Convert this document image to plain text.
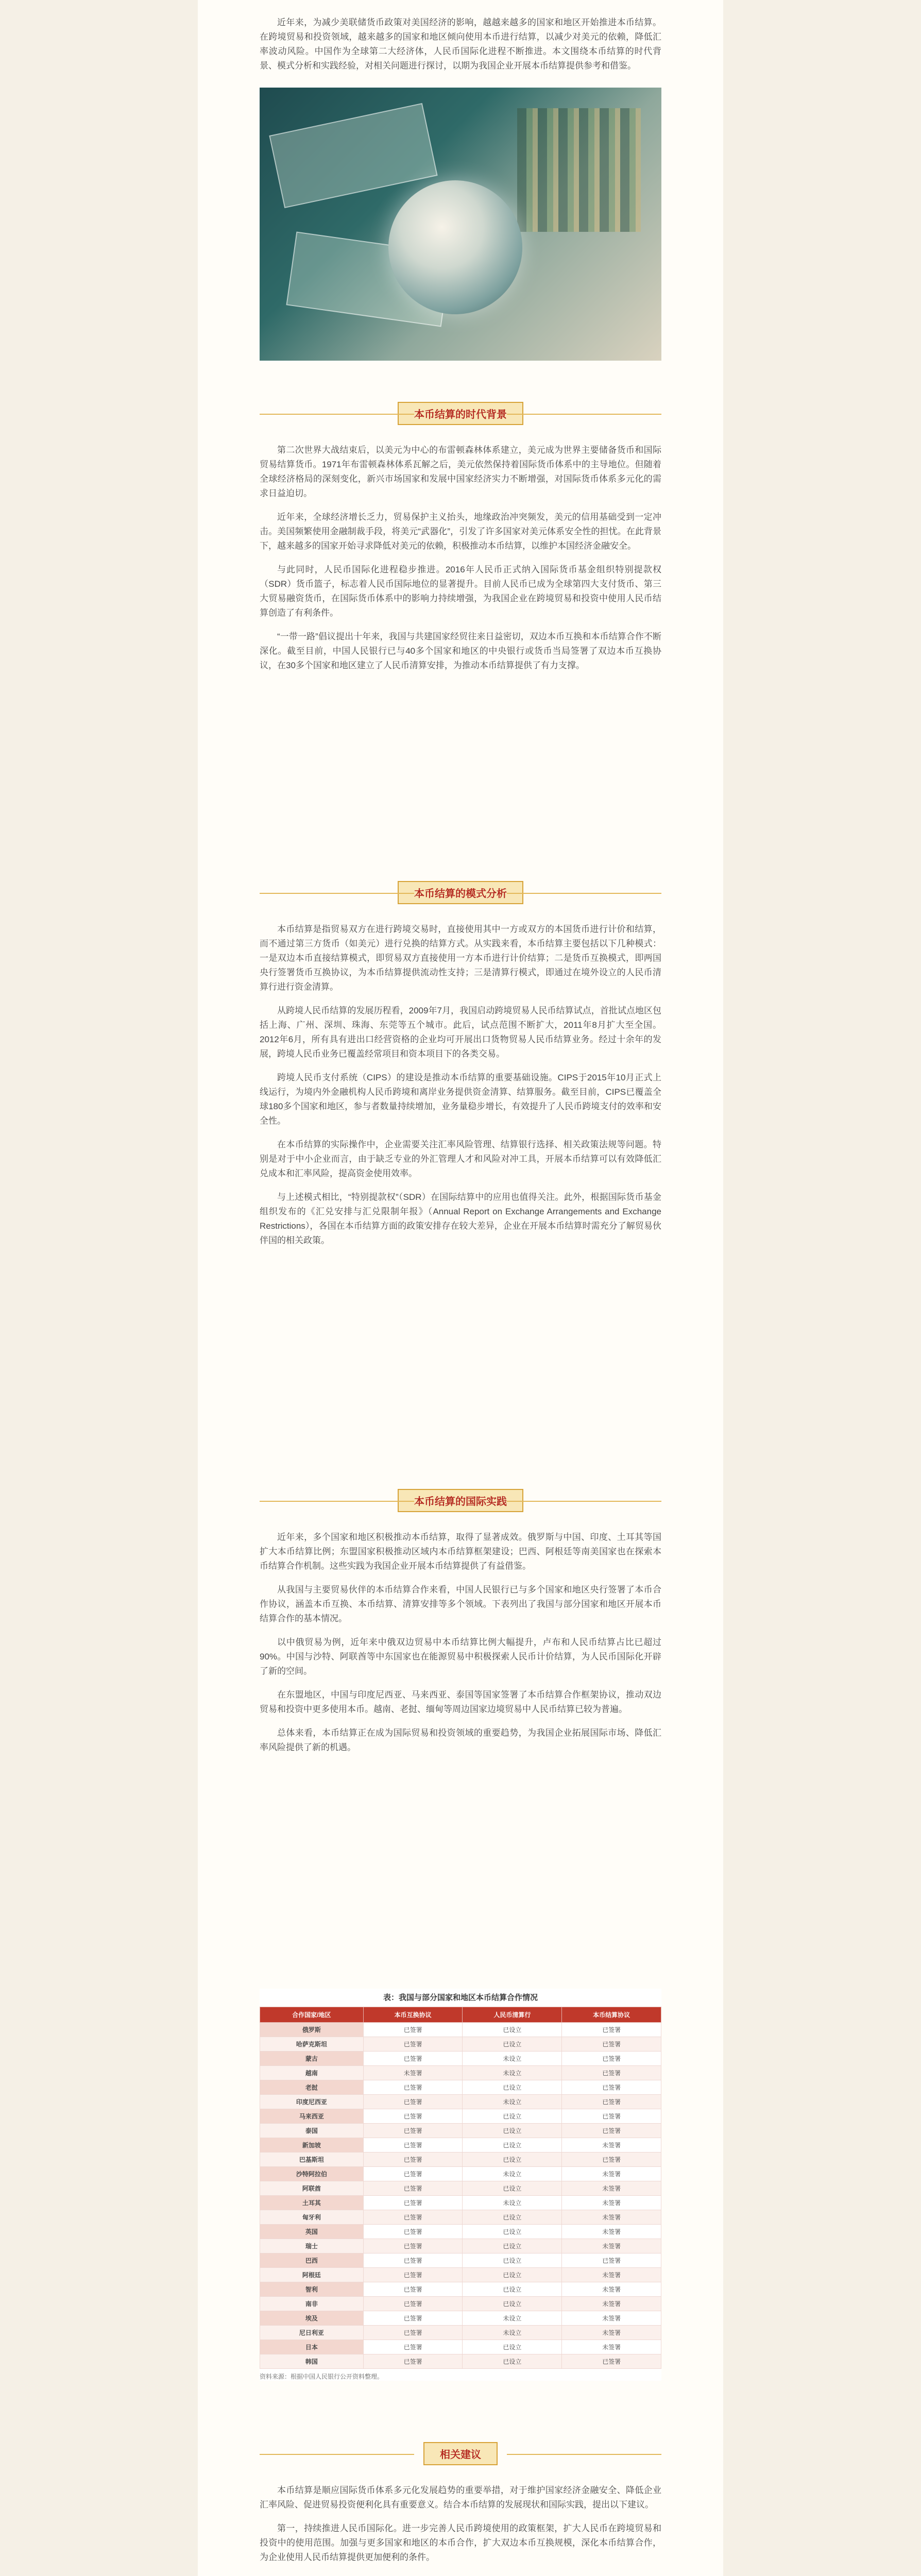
近年来，为减少美联储货币政策对美国经济的影响，越越来越多的国家和地区开始推进本币结算。在跨境贸易和投资领域，越来越多的国家和地区倾向使用本币进行结算，以减少对美元的依赖，降低汇率波动风险。中国作为全球第二大经济体，人民币国际化进程不断推进。本文围绕本币结算的时代背景、模式分析和实践经验，对相关问题进行探讨，以期为我国企业开展本币结算提供参考和借鉴。

本币结算的时代背景

第二次世界大战结束后，以美元为中心的布雷顿森林体系建立，美元成为世界主要储备货币和国际贸易结算货币。1971年布雷顿森林体系瓦解之后，美元依然保持着国际货币体系中的主导地位。但随着全球经济格局的深刻变化，新兴市场国家和发展中国家经济实力不断增强，对国际货币体系多元化的需求日益迫切。

近年来，全球经济增长乏力，贸易保护主义抬头，地缘政治冲突频发，美元的信用基础受到一定冲击。美国频繁使用金融制裁手段，将美元“武器化”，引发了许多国家对美元体系安全性的担忧。在此背景下，越来越多的国家开始寻求降低对美元的依赖，积极推动本币结算，以维护本国经济金融安全。

与此同时，人民币国际化进程稳步推进。2016年人民币正式纳入国际货币基金组织特别提款权（SDR）货币篮子，标志着人民币国际地位的显著提升。目前人民币已成为全球第四大支付货币、第三大贸易融资货币，在国际货币体系中的影响力持续增强，为我国企业在跨境贸易和投资中使用人民币结算创造了有利条件。

“一带一路”倡议提出十年来，我国与共建国家经贸往来日益密切，双边本币互换和本币结算合作不断深化。截至目前，中国人民银行已与40多个国家和地区的中央银行或货币当局签署了双边本币互换协议，在30多个国家和地区建立了人民币清算安排，为推动本币结算提供了有力支撑。

本币结算的模式分析

本币结算是指贸易双方在进行跨境交易时，直接使用其中一方或双方的本国货币进行计价和结算，而不通过第三方货币（如美元）进行兑换的结算方式。从实践来看，本币结算主要包括以下几种模式：一是双边本币直接结算模式，即贸易双方直接使用一方本币进行计价结算；二是货币互换模式，即两国央行签署货币互换协议，为本币结算提供流动性支持；三是清算行模式，即通过在境外设立的人民币清算行进行资金清算。

从跨境人民币结算的发展历程看，2009年7月，我国启动跨境贸易人民币结算试点，首批试点地区包括上海、广州、深圳、珠海、东莞等五个城市。此后，试点范围不断扩大，2011年8月扩大至全国。2012年6月，所有具有进出口经营资格的企业均可开展出口货物贸易人民币结算业务。经过十余年的发展，跨境人民币业务已覆盖经常项目和资本项目下的各类交易。

跨境人民币支付系统（CIPS）的建设是推动本币结算的重要基础设施。CIPS于2015年10月正式上线运行，为境内外金融机构人民币跨境和离岸业务提供资金清算、结算服务。截至目前，CIPS已覆盖全球180多个国家和地区，参与者数量持续增加，业务量稳步增长，有效提升了人民币跨境支付的效率和安全性。

在本币结算的实际操作中，企业需要关注汇率风险管理、结算银行选择、相关政策法规等问题。特别是对于中小企业而言，由于缺乏专业的外汇管理人才和风险对冲工具，开展本币结算可以有效降低汇兑成本和汇率风险，提高资金使用效率。

与上述模式相比，“特别提款权”（SDR）在国际结算中的应用也值得关注。此外，根据国际货币基金组织发布的《汇兑安排与汇兑限制年报》（Annual Report on Exchange Arrangements and Exchange Restrictions），各国在本币结算方面的政策安排存在较大差异，企业在开展本币结算时需充分了解贸易伙伴国的相关政策。

本币结算的国际实践

近年来，多个国家和地区积极推动本币结算，取得了显著成效。俄罗斯与中国、印度、土耳其等国扩大本币结算比例；东盟国家积极推动区域内本币结算框架建设；巴西、阿根廷等南美国家也在探索本币结算合作机制。这些实践为我国企业开展本币结算提供了有益借鉴。

从我国与主要贸易伙伴的本币结算合作来看，中国人民银行已与多个国家和地区央行签署了本币合作协议，涵盖本币互换、本币结算、清算安排等多个领域。下表列出了我国与部分国家和地区开展本币结算合作的基本情况。

以中俄贸易为例，近年来中俄双边贸易中本币结算比例大幅提升，卢布和人民币结算占比已超过90%。中国与沙特、阿联酋等中东国家也在能源贸易中积极探索人民币计价结算，为人民币国际化开辟了新的空间。

在东盟地区，中国与印度尼西亚、马来西亚、泰国等国家签署了本币结算合作框架协议，推动双边贸易和投资中更多使用本币。越南、老挝、缅甸等周边国家边境贸易中人民币结算已较为普遍。

总体来看，本币结算正在成为国际贸易和投资领域的重要趋势，为我国企业拓展国际市场、降低汇率风险提供了新的机遇。

表：我国与部分国家和地区本币结算合作情况
合作国家/地区	本币互换协议	人民币清算行	本币结算协议
俄罗斯	已签署	已设立	已签署
哈萨克斯坦	已签署	已设立	已签署
蒙古	已签署	未设立	已签署
越南	未签署	未设立	已签署
老挝	已签署	已设立	已签署
印度尼西亚	已签署	未设立	已签署
马来西亚	已签署	已设立	已签署
泰国	已签署	已设立	已签署
新加坡	已签署	已设立	未签署
巴基斯坦	已签署	已设立	已签署
沙特阿拉伯	已签署	未设立	未签署
阿联酋	已签署	已设立	未签署
土耳其	已签署	未设立	未签署
匈牙利	已签署	已设立	未签署
英国	已签署	已设立	未签署
瑞士	已签署	已设立	未签署
巴西	已签署	已设立	已签署
阿根廷	已签署	已设立	未签署
智利	已签署	已设立	未签署
南非	已签署	已设立	未签署
埃及	已签署	未设立	未签署
尼日利亚	已签署	未设立	未签署
日本	已签署	已设立	未签署
韩国	已签署	已设立	已签署
资料来源：根据中国人民银行公开资料整理。
相关建议

本币结算是顺应国际货币体系多元化发展趋势的重要举措，对于维护国家经济金融安全、降低企业汇率风险、促进贸易投资便利化具有重要意义。结合本币结算的发展现状和国际实践，提出以下建议。

第一，持续推进人民币国际化。进一步完善人民币跨境使用的政策框架，扩大人民币在跨境贸易和投资中的使用范围。加强与更多国家和地区的本币合作，扩大双边本币互换规模，深化本币结算合作，为企业使用人民币结算提供更加便利的条件。
